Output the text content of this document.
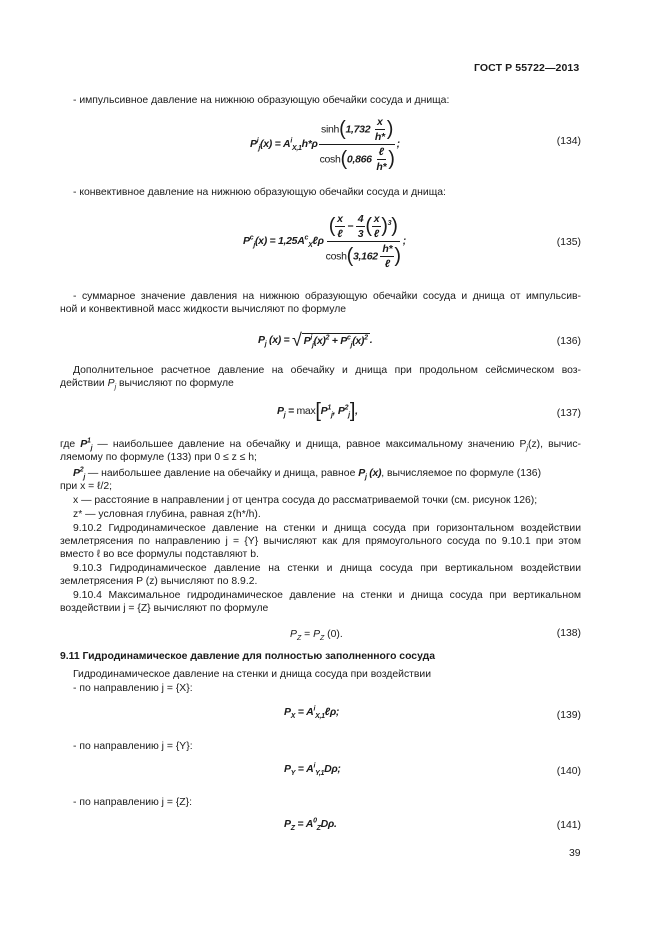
ГОСТ Р 55722—2013
- импульсивное давление на нижнюю образующую обечайки сосуда и днища:
$P^i_j(x) = A^i_{X,1}h*\rho \frac{\sinh(1,732 \frac{x}{h*} )}{\cosh(0,866 \frac{\text{ℓ}}{h*} )}$ ;	(134)
- конвективное давление на нижнюю образующую обечайки сосуда и днища:
$P^c_j(x)$ = $1,25A^c_X\ell\rho \frac{( \frac{x}{\text{ℓ}} - \frac{4}{3} ( \frac{x}{\text{ℓ}} )^3)}{\cosh(3,162 \frac{h*}{\text{ℓ}} )}$ ;	(135)
- суммарное значение давления на нижнюю образующую обечайки сосуда и днища от импульсив-
ной и конвективной масс жидкости вычисляют по формуле
$P_j$ (x) = √ $P^i_j(x)^2 + P^c_j(x)^2$ .	(136)
Дополнительное расчетное давление на обечайку и днища при продольном сейсмическом воз-
действии $P_j$ вычисляют по формуле
$P_j = \max$ [ $P^1_j$, $P^2_j$ ] ,	(137)
где $P^1_j$ — наибольшее давление на обечайку и днища, равное максимальному значению $P_j(z)$, вычис-
ляемому по формуле (133) при 0 ≤ z ≤ h;
$P^2_j$ — наибольшее давление на обечайку и днища, равное $P_j$ (x), вычисляемое по формуле (136)
при x = ℓ/2;
x — расстояние в направлении j от центра сосуда до рассматриваемой точки (см. рисунок 126);
z* — условная глубина, равная z(h*/h).
9.10.2 Гидродинамическое давление на стенки и днища сосуда при горизонтальном воздействии
землетрясения по направлению j = {Y} вычисляют как для прямоугольного сосуда по 9.10.1 при этом
вместо ℓ во все формулы подставляют b.
9.10.3 Гидродинамическое давление на стенки и днища сосуда при вертикальном воздействии
землетрясения P (z) вычисляют по 8.9.2.
9.10.4 Максимальное гидродинамическое давление на стенки и днища сосуда при вертикальном
воздействии j = {Z} вычисляют по формуле
$P_Z = P_Z$ (0).	(138)
9.11 Гидродинамическое давление для полностью заполненного сосуда
Гидродинамическое давление на стенки и днища сосуда при воздействии
- по направлению j = {X}:
$P_X$ = $A^i_{X,1}\ell\rho$;	(139)
- по направлению j = {Y}:
$P_Y = A^i_{Y,1}D\rho$;	(140)
- по направлению j = {Z}:
$P_Z = A^0_ZD\rho$.	(141)
39
